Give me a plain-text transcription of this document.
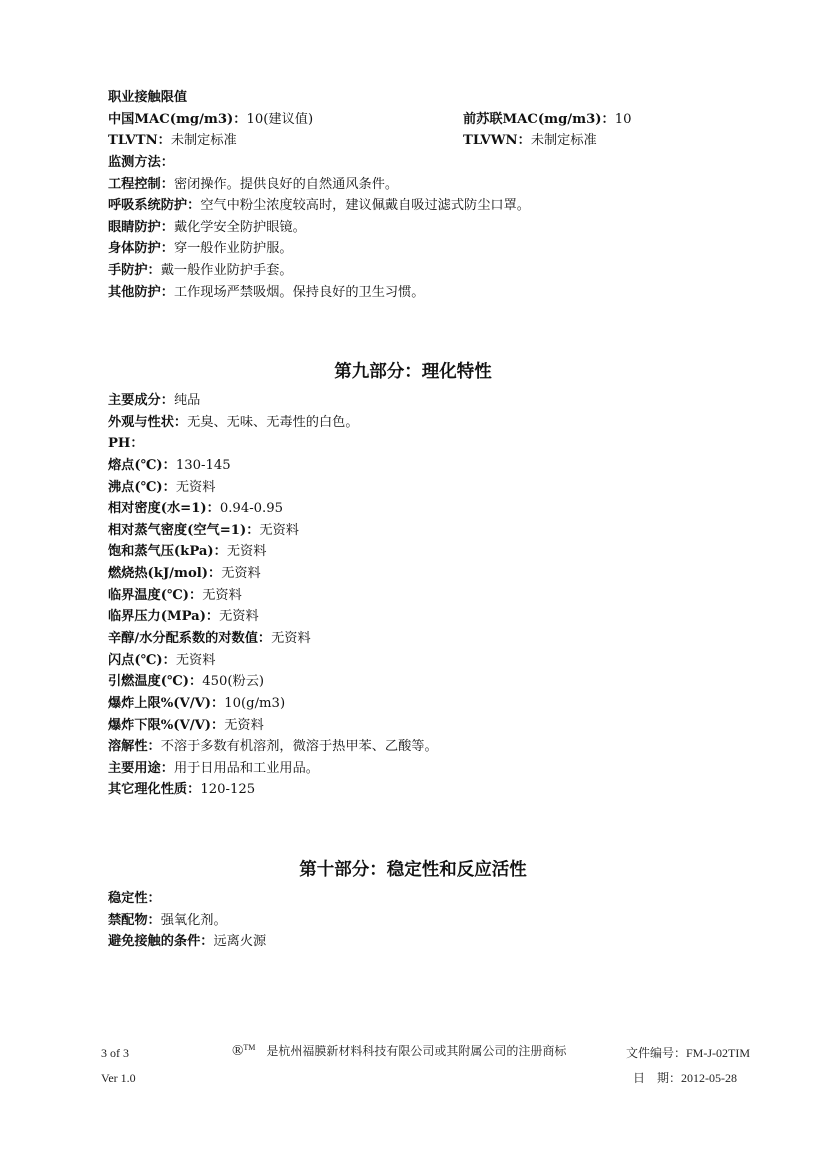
职业接触限值
中国MAC(mg/m3)：10(建议值)	前苏联MAC(mg/m3)：10
TLVTN：未制定标准	TLVWN：未制定标准
监测方法：
工程控制：密闭操作。提供良好的自然通风条件。
呼吸系统防护：空气中粉尘浓度较高时，建议佩戴自吸过滤式防尘口罩。
眼睛防护：戴化学安全防护眼镜。
身体防护：穿一般作业防护服。
手防护：戴一般作业防护手套。
其他防护：工作现场严禁吸烟。保持良好的卫生习惯。
第九部分：理化特性
主要成分：纯品
外观与性状：无臭、无味、无毒性的白色。
PH：
熔点(℃)：130-145
沸点(℃)：无资料
相对密度(水=1)：0.94-0.95
相对蒸气密度(空气=1)：无资料
饱和蒸气压(kPa)：无资料
燃烧热(kJ/mol)：无资料
临界温度(℃)：无资料
临界压力(MPa)：无资料
辛醇/水分配系数的对数值：无资料
闪点(℃)：无资料
引燃温度(℃)：450(粉云)
爆炸上限%(V/V)：10(g/m3)
爆炸下限%(V/V)：无资料
溶解性：不溶于多数有机溶剂，微溶于热甲苯、乙酸等。
主要用途：用于日用品和工业用品。
其它理化性质：120-125
第十部分：稳定性和反应活性
稳定性：
禁配物：强氧化剂。
避免接触的条件：远离火源
3 of 3	®™ 是杭州福膜新材料科技有限公司或其附属公司的注册商标	文件编号：FM-J-02TIM
Ver 1.0	日　期：2012-05-28
